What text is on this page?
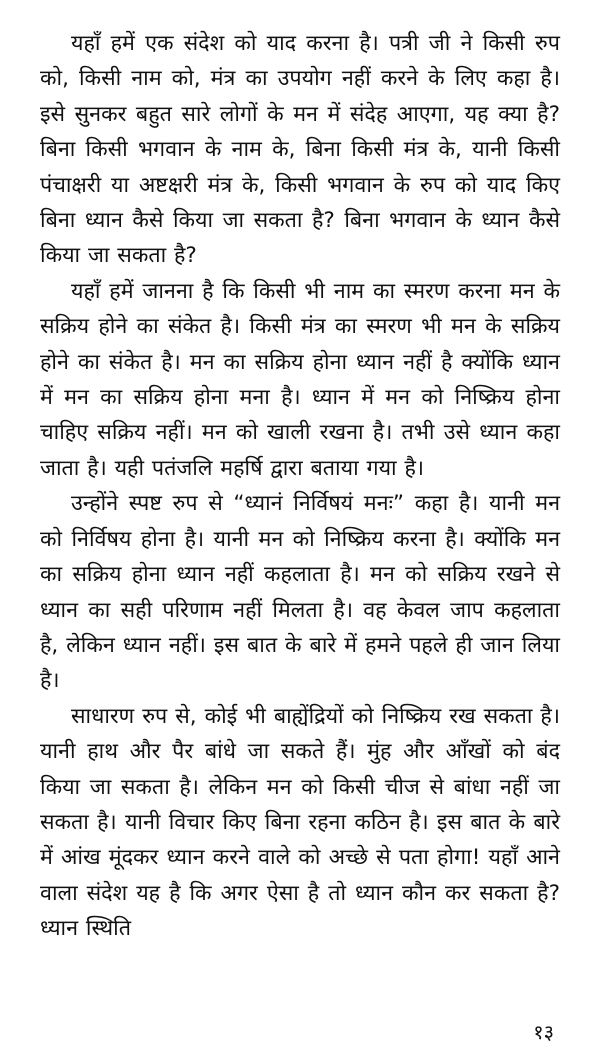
यहाँ हमें एक संदेश को याद करना है। पत्री जी ने किसी रुप को, किसी नाम को, मंत्र का उपयोग नहीं करने के लिए कहा है। इसे सुनकर बहुत सारे लोगों के मन में संदेह आएगा, यह क्या है? बिना किसी भगवान के नाम के, बिना किसी मंत्र के, यानी किसी पंचाक्षरी या अष्टक्षरी मंत्र के, किसी भगवान के रुप को याद किए बिना ध्यान कैसे किया जा सकता है? बिना भगवान के ध्यान कैसे किया जा सकता है?

यहाँ हमें जानना है कि किसी भी नाम का स्मरण करना मन के सक्रिय होने का संकेत है। किसी मंत्र का स्मरण भी मन के सक्रिय होने का संकेत है। मन का सक्रिय होना ध्यान नहीं है क्योंकि ध्यान में मन का सक्रिय होना मना है। ध्यान में मन को निष्क्रिय होना चाहिए सक्रिय नहीं। मन को खाली रखना है। तभी उसे ध्यान कहा जाता है। यही पतंजलि महर्षि द्वारा बताया गया है।

उन्होंने स्पष्ट रुप से “ध्यानं निर्विषयं मनः” कहा है। यानी मन को निर्विषय होना है। यानी मन को निष्क्रिय करना है। क्योंकि मन का सक्रिय होना ध्यान नहीं कहलाता है। मन को सक्रिय रखने से ध्यान का सही परिणाम नहीं मिलता है। वह केवल जाप कहलाता है, लेकिन ध्यान नहीं। इस बात के बारे में हमने पहले ही जान लिया है।

साधारण रुप से, कोई भी बाह्येंद्रियों को निष्क्रिय रख सकता है। यानी हाथ और पैर बांधे जा सकते हैं। मुंह और आँखों को बंद किया जा सकता है। लेकिन मन को किसी चीज से बांधा नहीं जा सकता है। यानी विचार किए बिना रहना कठिन है। इस बात के बारे में आंख मूंदकर ध्यान करने वाले को अच्छे से पता होगा! यहाँ आने वाला संदेश यह है कि अगर ऐसा है तो ध्यान कौन कर सकता है? ध्यान स्थिति

१३
